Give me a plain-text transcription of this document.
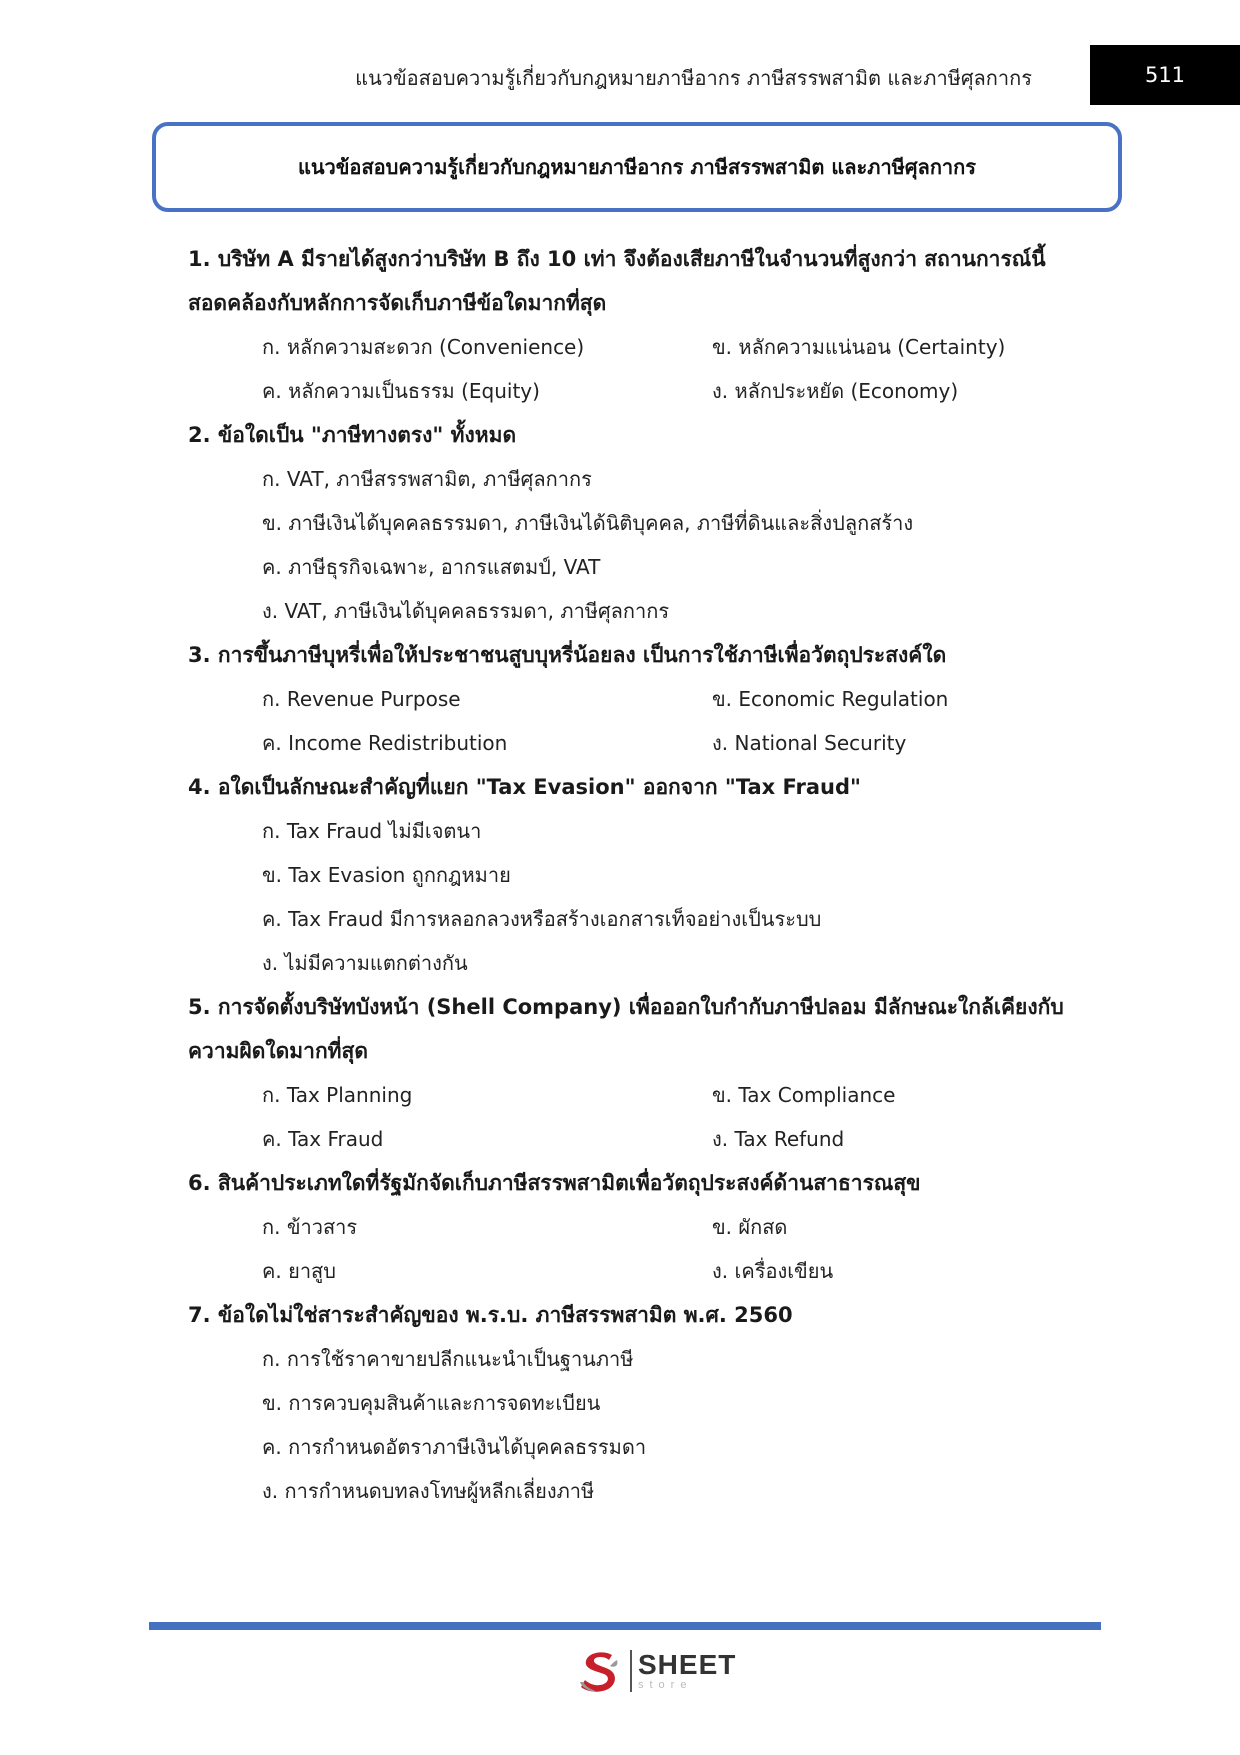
แนวข้อสอบความรู้เกี่ยวกับกฎหมายภาษีอากร ภาษีสรรพสามิต และภาษีศุลกากร	511
แนวข้อสอบความรู้เกี่ยวกับกฎหมายภาษีอากร ภาษีสรรพสามิต และภาษีศุลกากร

1. บริษัท A มีรายได้สูงกว่าบริษัท B ถึง 10 เท่า จึงต้องเสียภาษีในจำนวนที่สูงกว่า สถานการณ์นี้

สอดคล้องกับหลักการจัดเก็บภาษีข้อใดมากที่สุด

ก. หลักความสะดวก (Convenience)	ข. หลักความแน่นอน (Certainty)
ค. หลักความเป็นธรรม (Equity)	ง. หลักประหยัด (Economy)

2. ข้อใดเป็น "ภาษีทางตรง" ทั้งหมด

ก. VAT, ภาษีสรรพสามิต, ภาษีศุลกากร
ข. ภาษีเงินได้บุคคลธรรมดา, ภาษีเงินได้นิติบุคคล, ภาษีที่ดินและสิ่งปลูกสร้าง
ค. ภาษีธุรกิจเฉพาะ, อากรแสตมป์, VAT
ง. VAT, ภาษีเงินได้บุคคลธรรมดา, ภาษีศุลกากร

3. การขึ้นภาษีบุหรี่เพื่อให้ประชาชนสูบบุหรี่น้อยลง เป็นการใช้ภาษีเพื่อวัตถุประสงค์ใด

ก. Revenue Purpose	ข. Economic Regulation
ค. Income Redistribution	ง. National Security

4. อใดเป็นลักษณะสำคัญที่แยก "Tax Evasion" ออกจาก "Tax Fraud"

ก. Tax Fraud ไม่มีเจตนา
ข. Tax Evasion ถูกกฎหมาย
ค. Tax Fraud มีการหลอกลวงหรือสร้างเอกสารเท็จอย่างเป็นระบบ
ง. ไม่มีความแตกต่างกัน

5. การจัดตั้งบริษัทบังหน้า (Shell Company) เพื่อออกใบกำกับภาษีปลอม มีลักษณะใกล้เคียงกับ

ความผิดใดมากที่สุด

ก. Tax Planning	ข. Tax Compliance
ค. Tax Fraud	ง. Tax Refund

6. สินค้าประเภทใดที่รัฐมักจัดเก็บภาษีสรรพสามิตเพื่อวัตถุประสงค์ด้านสาธารณสุข

ก. ข้าวสาร	ข. ผักสด
ค. ยาสูบ	ง. เครื่องเขียน

7. ข้อใดไม่ใช่สาระสำคัญของ พ.ร.บ. ภาษีสรรพสามิต พ.ศ. 2560

ก. การใช้ราคาขายปลีกแนะนำเป็นฐานภาษี
ข. การควบคุมสินค้าและการจดทะเบียน
ค. การกำหนดอัตราภาษีเงินได้บุคคลธรรมดา
ง. การกำหนดบทลงโทษผู้หลีกเลี่ยงภาษี
SHEET
store
